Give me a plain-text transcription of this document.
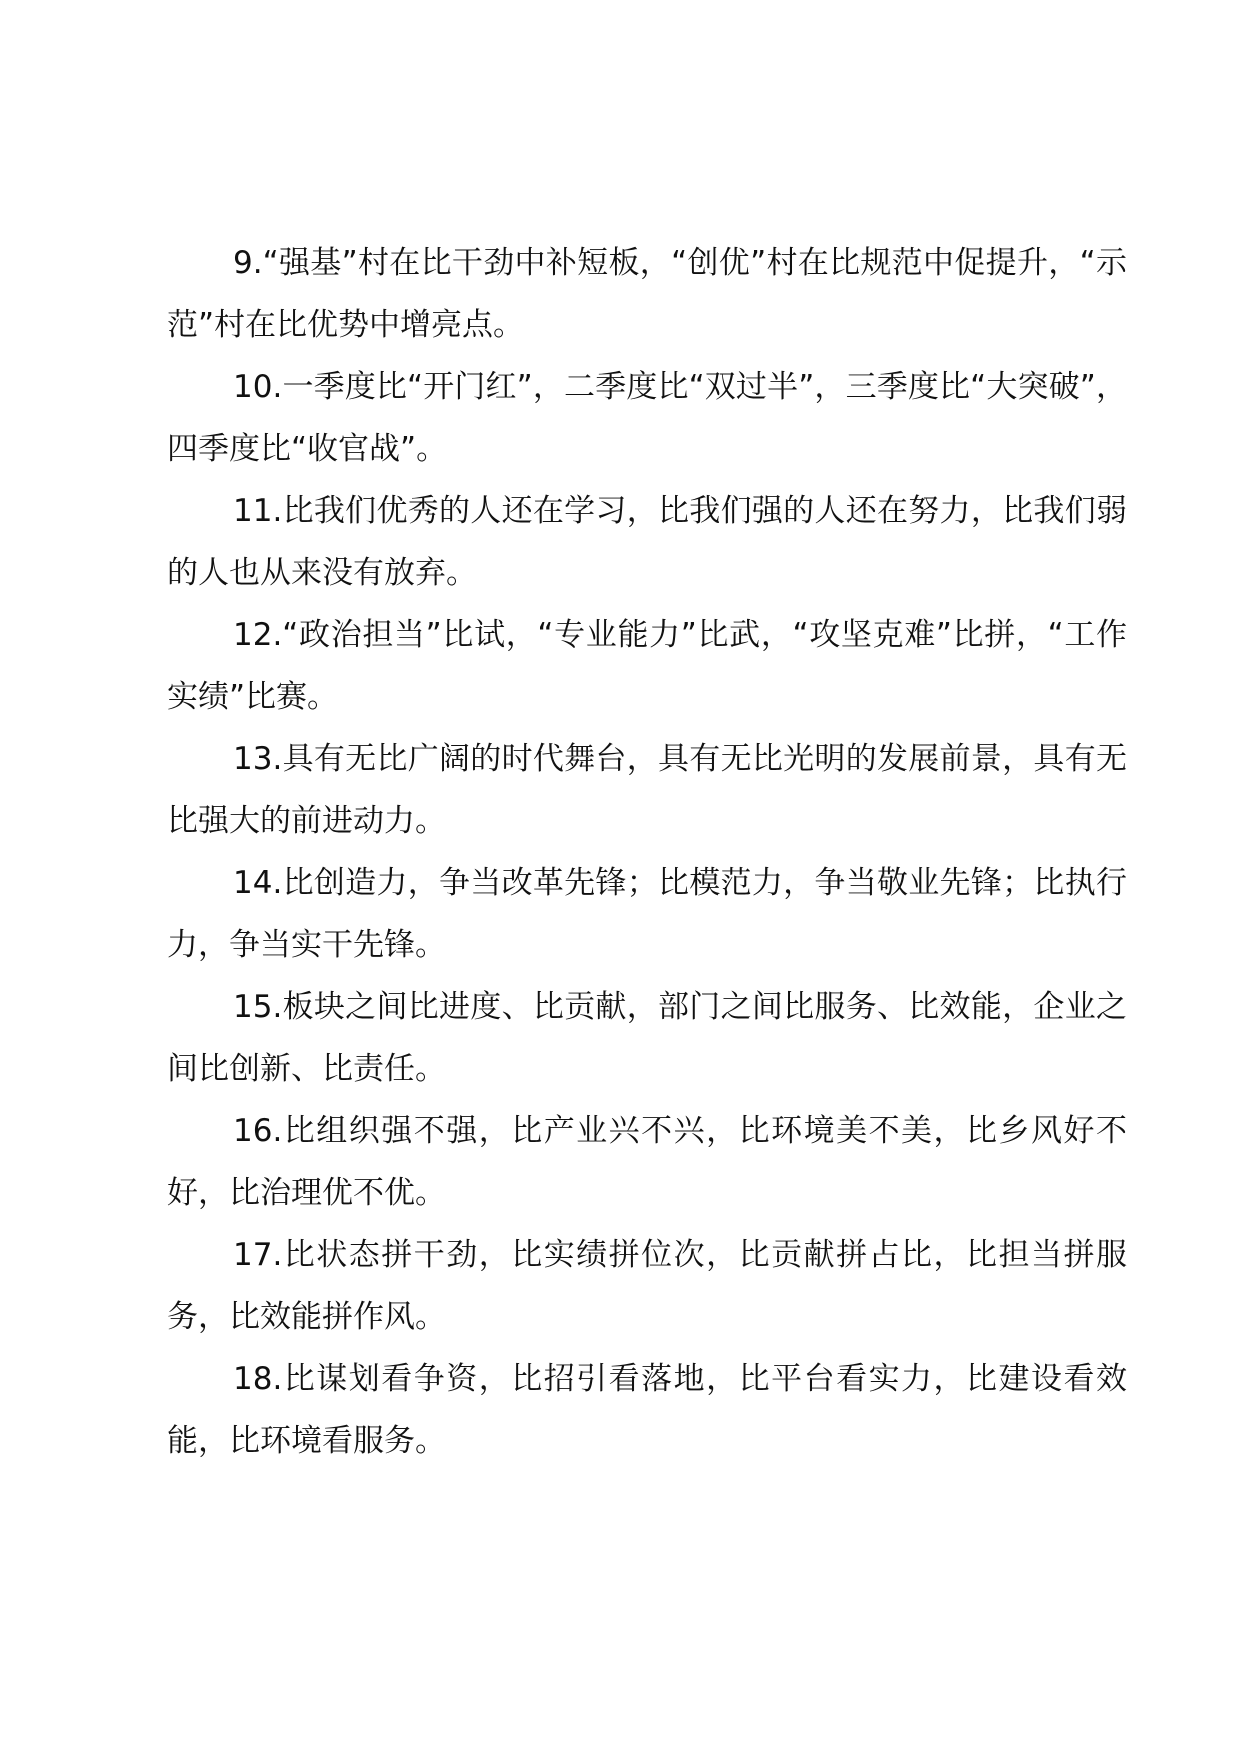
9.“强基”村在比干劲中补短板，“创优”村在比规范中促提升，“示范”村在比优势中增亮点。

10.一季度比“开门红”，二季度比“双过半”，三季度比“大突破”，四季度比“收官战”。

11.比我们优秀的人还在学习，比我们强的人还在努力，比我们弱的人也从来没有放弃。

12.“政治担当”比试，“专业能力”比武，“攻坚克难”比拼，“工作实绩”比赛。

13.具有无比广阔的时代舞台，具有无比光明的发展前景，具有无比强大的前进动力。

14.比创造力，争当改革先锋；比模范力，争当敬业先锋；比执行力，争当实干先锋。

15.板块之间比进度、比贡献，部门之间比服务、比效能，企业之间比创新、比责任。

16.比组织强不强，比产业兴不兴，比环境美不美，比乡风好不好，比治理优不优。

17.比状态拼干劲，比实绩拼位次，比贡献拼占比，比担当拼服务，比效能拼作风。

18.比谋划看争资，比招引看落地，比平台看实力，比建设看效能，比环境看服务。
